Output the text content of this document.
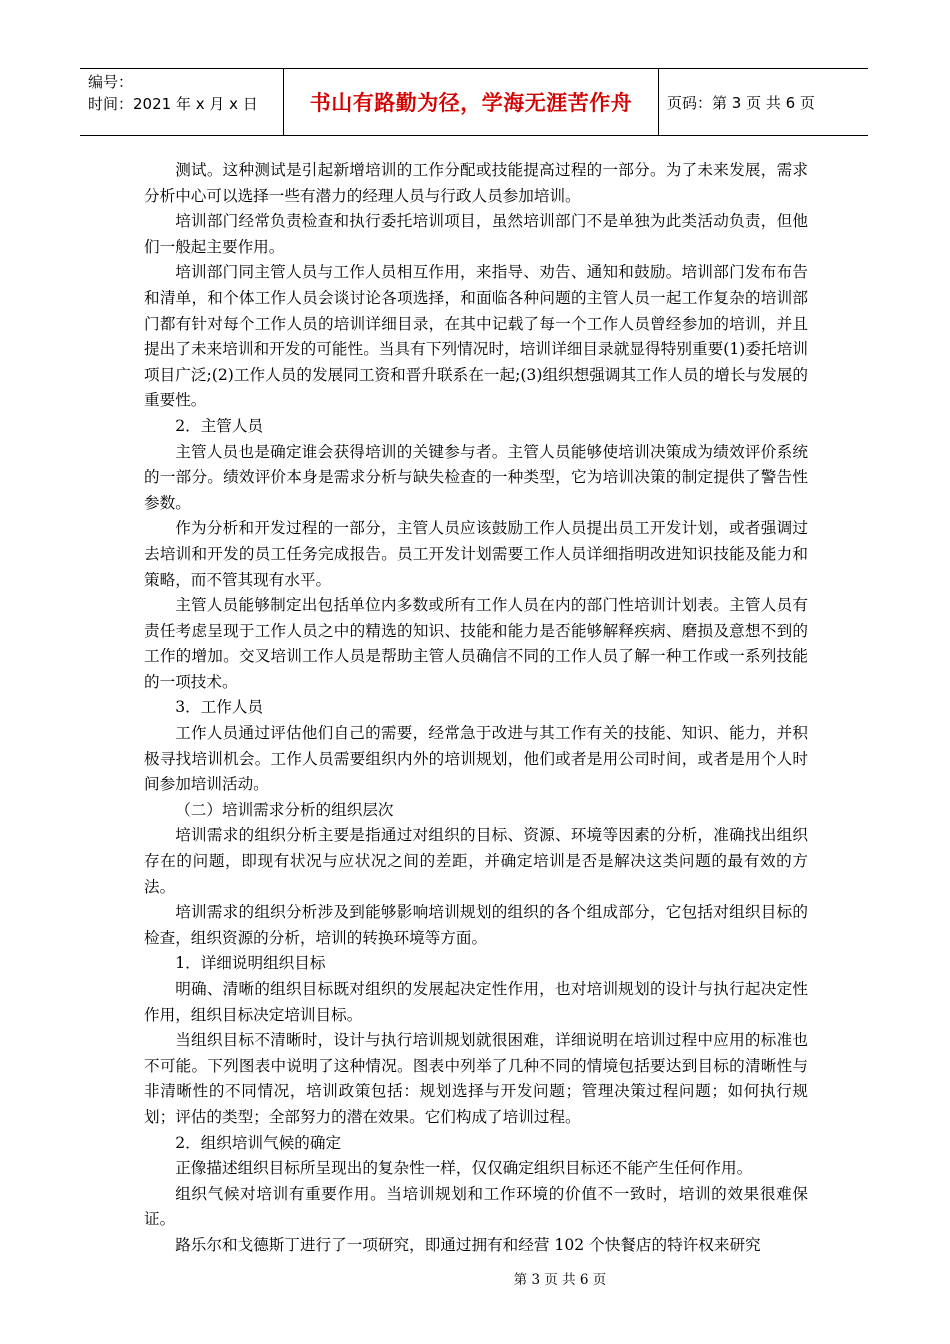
编号：
时间：2021 年 x 月 x 日	书山有路勤为径，学海无涯苦作舟	页码：第 3 页 共 6 页

测试。这种测试是引起新增培训的工作分配或技能提高过程的一部分。为了未来发展，需求分析中心可以选择一些有潜力的经理人员与行政人员参加培训。

培训部门经常负责检查和执行委托培训项目，虽然培训部门不是单独为此类活动负责，但他们一般起主要作用。

培训部门同主管人员与工作人员相互作用，来指导、劝告、通知和鼓励。培训部门发布布告和清单，和个体工作人员会谈讨论各项选择，和面临各种问题的主管人员一起工作复杂的培训部门都有针对每个工作人员的培训详细目录，在其中记载了每一个工作人员曾经参加的培训，并且提出了未来培训和开发的可能性。当具有下列情况时，培训详细目录就显得特别重要(1)委托培训项目广泛;(2)工作人员的发展同工资和晋升联系在一起;(3)组织想强调其工作人员的增长与发展的重要性。

2．主管人员

主管人员也是确定谁会获得培训的关键参与者。主管人员能够使培训决策成为绩效评价系统的一部分。绩效评价本身是需求分析与缺失检查的一种类型，它为培训决策的制定提供了警告性参数。

作为分析和开发过程的一部分，主管人员应该鼓励工作人员提出员工开发计划，或者强调过去培训和开发的员工任务完成报告。员工开发计划需要工作人员详细指明改进知识技能及能力和策略，而不管其现有水平。

主管人员能够制定出包括单位内多数或所有工作人员在内的部门性培训计划表。主管人员有责任考虑呈现于工作人员之中的精选的知识、技能和能力是否能够解释疾病、磨损及意想不到的工作的增加。交叉培训工作人员是帮助主管人员确信不同的工作人员了解一种工作或一系列技能的一项技术。

3．工作人员

工作人员通过评估他们自己的需要，经常急于改进与其工作有关的技能、知识、能力，并积极寻找培训机会。工作人员需要组织内外的培训规划，他们或者是用公司时间，或者是用个人时间参加培训活动。

（二）培训需求分析的组织层次

培训需求的组织分析主要是指通过对组织的目标、资源、环境等因素的分析，准确找出组织存在的问题，即现有状况与应状况之间的差距，并确定培训是否是解决这类问题的最有效的方法。

培训需求的组织分析涉及到能够影响培训规划的组织的各个组成部分，它包括对组织目标的检查，组织资源的分析，培训的转换环境等方面。

1．详细说明组织目标

明确、清晰的组织目标既对组织的发展起决定性作用，也对培训规划的设计与执行起决定性作用，组织目标决定培训目标。

当组织目标不清晰时，设计与执行培训规划就很困难，详细说明在培训过程中应用的标准也不可能。下列图表中说明了这种情况。图表中列举了几种不同的情境包括要达到目标的清晰性与非清晰性的不同情况，培训政策包括：规划选择与开发问题；管理决策过程问题；如何执行规划；评估的类型；全部努力的潜在效果。它们构成了培训过程。

2．组织培训气候的确定

正像描述组织目标所呈现出的复杂性一样，仅仅确定组织目标还不能产生任何作用。

组织气候对培训有重要作用。当培训规划和工作环境的价值不一致时，培训的效果很难保证。

路乐尔和戈德斯丁进行了一项研究，即通过拥有和经营 102 个快餐店的特许权来研究

第 3 页 共 6 页
